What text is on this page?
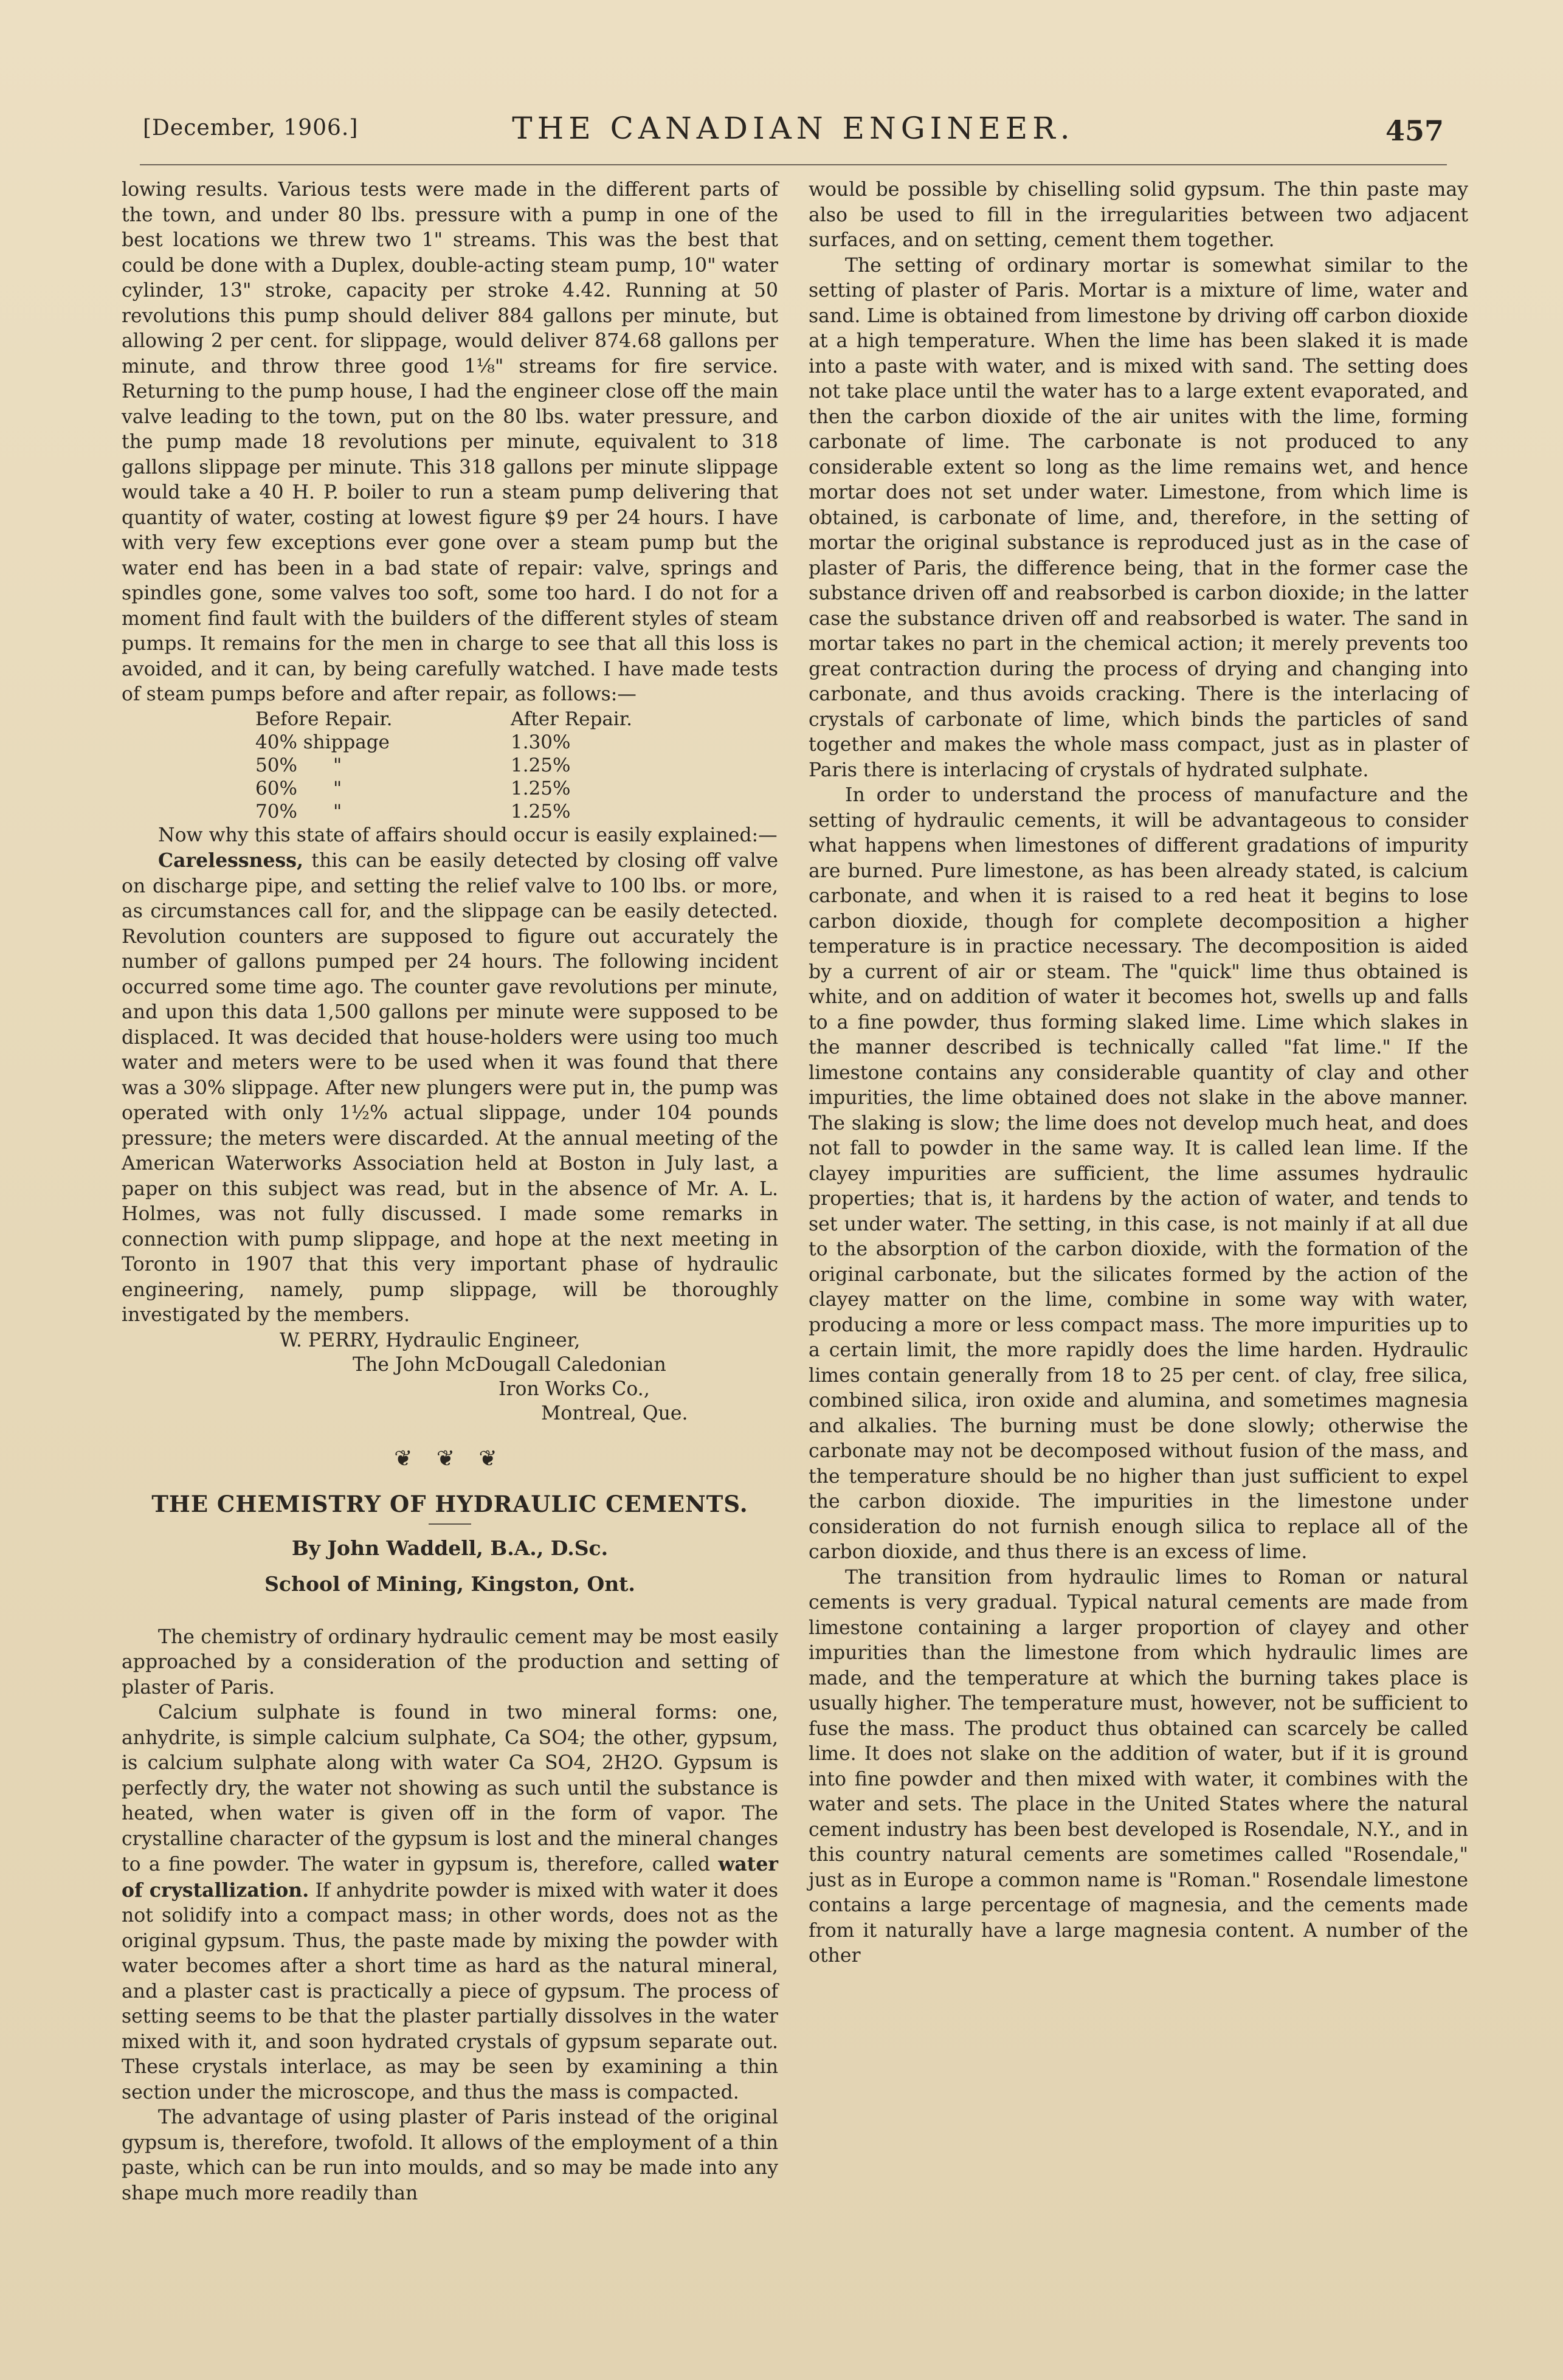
[December, 1906.]	THE CANADIAN ENGINEER.	457

lowing results. Various tests were made in the different parts of the town, and under 80 lbs. pressure with a pump in one of the best locations we threw two 1" streams. This was the best that could be done with a Duplex, double-acting steam pump, 10" water cylinder, 13" stroke, capacity per stroke 4.42. Running at 50 revolutions this pump should deliver 884 gallons per minute, but allowing 2 per cent. for slippage, would deliver 874.68 gallons per minute, and throw three good 1⅛" streams for fire service. Returning to the pump house, I had the engineer close off the main valve leading to the town, put on the 80 lbs. water pressure, and the pump made 18 revolutions per minute, equivalent to 318 gallons slippage per minute. This 318 gallons per minute slippage would take a 40 H. P. boiler to run a steam pump delivering that quantity of water, costing at lowest figure $9 per 24 hours. I have with very few exceptions ever gone over a steam pump but the water end has been in a bad state of repair: valve, springs and spindles gone, some valves too soft, some too hard. I do not for a moment find fault with the builders of the different styles of steam pumps. It remains for the men in charge to see that all this loss is avoided, and it can, by being carefully watched. I have made tests of steam pumps before and after repair, as follows:—

Before Repair.	After Repair.
40% shippage	1.30%
50%      "	1.25%
60%      "	1.25%
70%      "	1.25%

Now why this state of affairs should occur is easily explained:—

Carelessness, this can be easily detected by closing off valve on discharge pipe, and setting the relief valve to 100 lbs. or more, as circumstances call for, and the slippage can be easily detected. Revolution counters are supposed to figure out accurately the number of gallons pumped per 24 hours. The following incident occurred some time ago. The counter gave revolutions per minute, and upon this data 1,500 gallons per minute were supposed to be displaced. It was decided that house-holders were using too much water and meters were to be used when it was found that there was a 30% slippage. After new plungers were put in, the pump was operated with only 1½% actual slippage, under 104 pounds pressure; the meters were discarded. At the annual meeting of the American Waterworks Association held at Boston in July last, a paper on this subject was read, but in the absence of Mr. A. L. Holmes, was not fully discussed. I made some remarks in connection with pump slippage, and hope at the next meeting in Toronto in 1907 that this very important phase of hydraulic engineering, namely, pump slippage, will be thoroughly investigated by the members.

W. PERRY, Hydraulic Engineer,
The John McDougall Caledonian
Iron Works Co.,
Montreal, Que.
❦ ❦ ❦
THE CHEMISTRY OF HYDRAULIC CEMENTS.
By John Waddell, B.A., D.Sc.
School of Mining, Kingston, Ont.

The chemistry of ordinary hydraulic cement may be most easily approached by a consideration of the production and setting of plaster of Paris.

Calcium sulphate is found in two mineral forms: one, anhydrite, is simple calcium sulphate, Ca SO4; the other, gypsum, is calcium sulphate along with water Ca SO4, 2H2O. Gypsum is perfectly dry, the water not showing as such until the substance is heated, when water is given off in the form of vapor. The crystalline character of the gypsum is lost and the mineral changes to a fine powder. The water in gypsum is, therefore, called water of crystallization. If anhydrite powder is mixed with water it does not solidify into a compact mass; in other words, does not as the original gypsum. Thus, the paste made by mixing the powder with water becomes after a short time as hard as the natural mineral, and a plaster cast is practically a piece of gypsum. The process of setting seems to be that the plaster partially dissolves in the water mixed with it, and soon hydrated crystals of gypsum separate out. These crystals interlace, as may be seen by examining a thin section under the microscope, and thus the mass is compacted.

The advantage of using plaster of Paris instead of the original gypsum is, therefore, twofold. It allows of the employment of a thin paste, which can be run into moulds, and so may be made into any shape much more readily than

would be possible by chiselling solid gypsum. The thin paste may also be used to fill in the irregularities between two adjacent surfaces, and on setting, cement them together.

The setting of ordinary mortar is somewhat similar to the setting of plaster of Paris. Mortar is a mixture of lime, water and sand. Lime is obtained from limestone by driving off carbon dioxide at a high temperature. When the lime has been slaked it is made into a paste with water, and is mixed with sand. The setting does not take place until the water has to a large extent evaporated, and then the carbon dioxide of the air unites with the lime, forming carbonate of lime. The carbonate is not produced to any considerable extent so long as the lime remains wet, and hence mortar does not set under water. Limestone, from which lime is obtained, is carbonate of lime, and, therefore, in the setting of mortar the original substance is reproduced just as in the case of plaster of Paris, the difference being, that in the former case the substance driven off and reabsorbed is carbon dioxide; in the latter case the substance driven off and reabsorbed is water. The sand in mortar takes no part in the chemical action; it merely prevents too great contraction during the process of drying and changing into carbonate, and thus avoids cracking. There is the interlacing of crystals of carbonate of lime, which binds the particles of sand together and makes the whole mass compact, just as in plaster of Paris there is interlacing of crystals of hydrated sulphate.

In order to understand the process of manufacture and the setting of hydraulic cements, it will be advantageous to consider what happens when limestones of different gradations of impurity are burned. Pure limestone, as has been already stated, is calcium carbonate, and when it is raised to a red heat it begins to lose carbon dioxide, though for complete decomposition a higher temperature is in practice necessary. The decomposition is aided by a current of air or steam. The "quick" lime thus obtained is white, and on addition of water it becomes hot, swells up and falls to a fine powder, thus forming slaked lime. Lime which slakes in the manner described is technically called "fat lime." If the limestone contains any considerable quantity of clay and other impurities, the lime obtained does not slake in the above manner. The slaking is slow; the lime does not develop much heat, and does not fall to powder in the same way. It is called lean lime. If the clayey impurities are sufficient, the lime assumes hydraulic properties; that is, it hardens by the action of water, and tends to set under water. The setting, in this case, is not mainly if at all due to the absorption of the carbon dioxide, with the formation of the original carbonate, but the silicates formed by the action of the clayey matter on the lime, combine in some way with water, producing a more or less compact mass. The more impurities up to a certain limit, the more rapidly does the lime harden. Hydraulic limes contain generally from 18 to 25 per cent. of clay, free silica, combined silica, iron oxide and alumina, and sometimes magnesia and alkalies. The burning must be done slowly; otherwise the carbonate may not be decomposed without fusion of the mass, and the temperature should be no higher than just sufficient to expel the carbon dioxide. The impurities in the limestone under consideration do not furnish enough silica to replace all of the carbon dioxide, and thus there is an excess of lime.

The transition from hydraulic limes to Roman or natural cements is very gradual. Typical natural cements are made from limestone containing a larger proportion of clayey and other impurities than the limestone from which hydraulic limes are made, and the temperature at which the burning takes place is usually higher. The temperature must, however, not be sufficient to fuse the mass. The product thus obtained can scarcely be called lime. It does not slake on the addition of water, but if it is ground into fine powder and then mixed with water, it combines with the water and sets. The place in the United States where the natural cement industry has been best developed is Rosendale, N.Y., and in this country natural cements are sometimes called "Rosendale," just as in Europe a common name is "Roman." Rosendale limestone contains a large percentage of magnesia, and the cements made from it naturally have a large magnesia content. A number of the other
